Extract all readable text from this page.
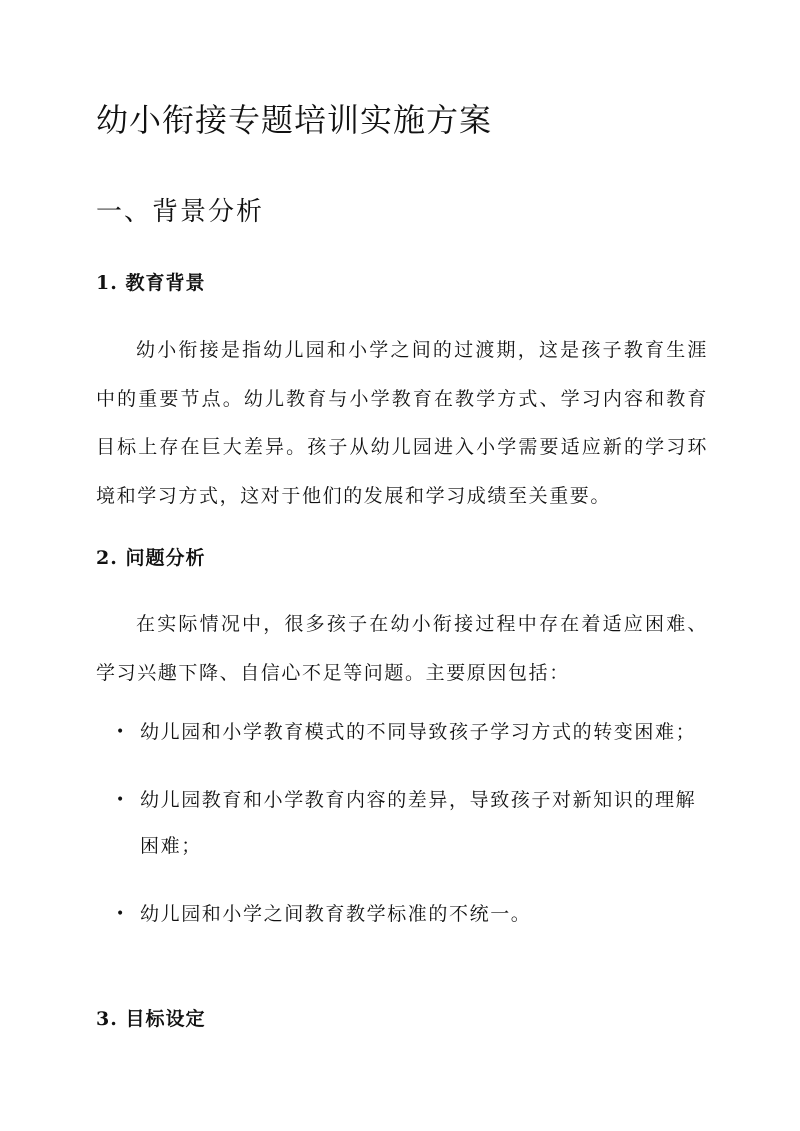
幼小衔接专题培训实施方案
一、背景分析
1. 教育背景

幼小衔接是指幼儿园和小学之间的过渡期，这是孩子教育生涯中的重要节点。幼儿教育与小学教育在教学方式、学习内容和教育目标上存在巨大差异。孩子从幼儿园进入小学需要适应新的学习环境和学习方式，这对于他们的发展和学习成绩至关重要。

2. 问题分析

在实际情况中，很多孩子在幼小衔接过程中存在着适应困难、学习兴趣下降、自信心不足等问题。主要原因包括：

• 幼儿园和小学教育模式的不同导致孩子学习方式的转变困难；
• 幼儿园教育和小学教育内容的差异，导致孩子对新知识的理解困难；
• 幼儿园和小学之间教育教学标准的不统一。
3. 目标设定
